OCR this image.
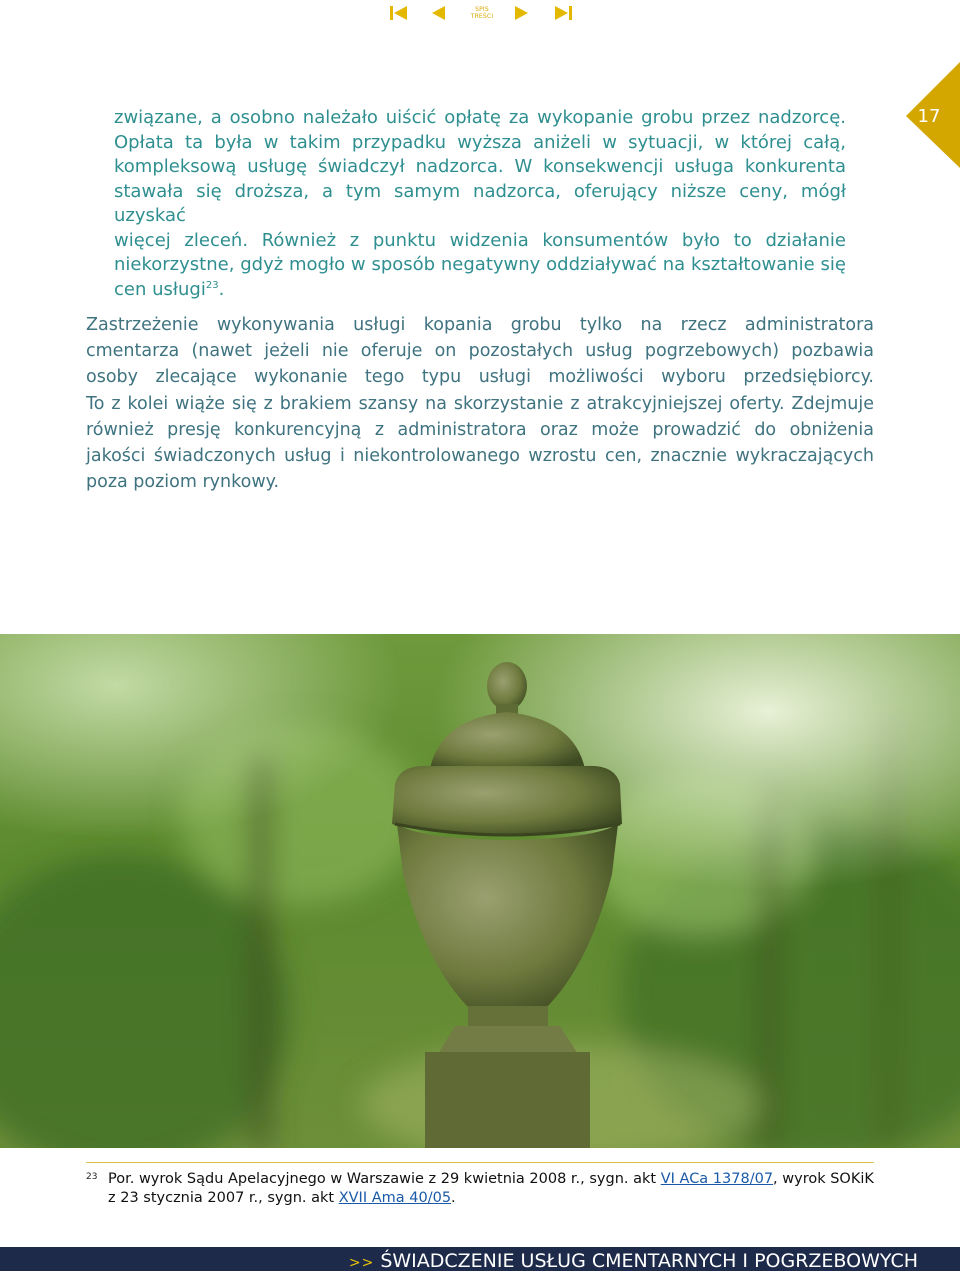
SPIS
TREŚCI
17
związane, a osobno należało uiścić opłatę za wykopanie grobu przez nadzorcę.
Opłata ta była w takim przypadku wyższa aniżeli w sytuacji, w której całą,
kompleksową usługę świadczył nadzorca. W konsekwencji usługa konkurenta
stawała się droższa, a tym samym nadzorca, oferujący niższe ceny, mógł uzyskać
więcej zleceń. Również z punktu widzenia konsumentów było to działanie
niekorzystne, gdyż mogło w sposób negatywny oddziaływać na kształtowanie się
cen usługi$^{23}$.
Zastrzeżenie wykonywania usługi kopania grobu tylko na rzecz administratora
cmentarza (nawet jeżeli nie oferuje on pozostałych usług pogrzebowych) pozbawia
osoby zlecające wykonanie tego typu usługi możliwości wyboru przedsiębiorcy.
To z kolei wiąże się z brakiem szansy na skorzystanie z atrakcyjniejszej oferty. Zdejmuje
również presję konkurencyjną z administratora oraz może prowadzić do obniżenia
jakości świadczonych usług i niekontrolowanego wzrostu cen, znacznie wykraczających
poza poziom rynkowy.
23 Por. wyrok Sądu Apelacyjnego w Warszawie z 29 kwietnia 2008 r., sygn. akt VI ACa 1378/07, wyrok SOKiK
z 23 stycznia 2007 r., sygn. akt XVII Ama 40/05.
>> ŚWIADCZENIE USŁUG CMENTARNYCH I POGRZEBOWYCH
